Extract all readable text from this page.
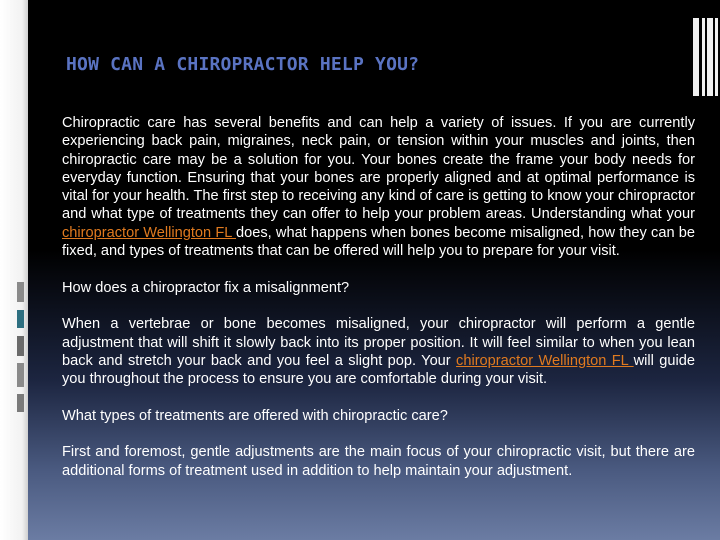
HOW CAN A CHIROPRACTOR HELP YOU?

Chiropractic care has several benefits and can help a variety of issues. If you are currently experiencing back pain, migraines, neck pain, or tension within your muscles and joints, then chiropractic care may be a solution for you. Your bones create the frame your body needs for everyday function. Ensuring that your bones are properly aligned and at optimal performance is vital for your health. The first step to receiving any kind of care is getting to know your chiropractor and what type of treatments they can offer to help your problem areas. Understanding what your chiropractor Wellington FL does, what happens when bones become misaligned, how they can be fixed, and types of treatments that can be offered will help you to prepare for your visit.

How does a chiropractor fix a misalignment?

When a vertebrae or bone becomes misaligned, your chiropractor will perform a gentle adjustment that will shift it slowly back into its proper position. It will feel similar to when you lean back and stretch your back and you feel a slight pop. Your chiropractor Wellington FL will guide you throughout the process to ensure you are comfortable during your visit.

What types of treatments are offered with chiropractic care?

First and foremost, gentle adjustments are the main focus of your chiropractic visit, but there are additional forms of treatment used in addition to help maintain your adjustment.
